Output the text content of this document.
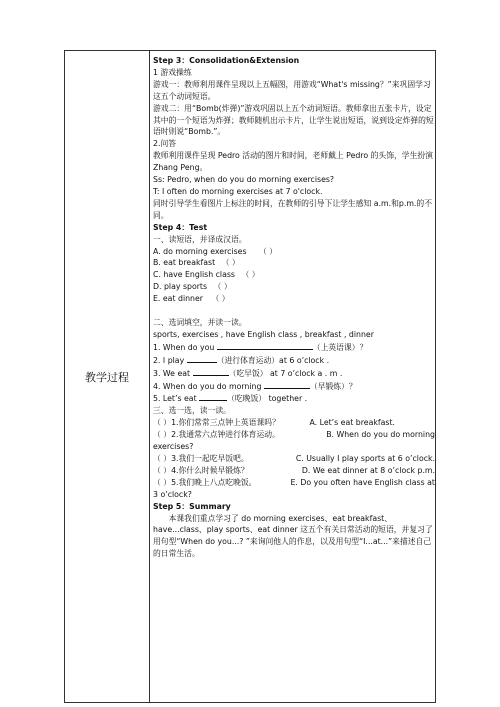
教学过程
Step 3：Consolidation&Extension
1 游戏操练
游戏一：教师利用课件呈现以上五幅图，用游戏“What's missing？”来巩固学习这五个动词短语。
游戏二：用“Bomb(炸弹)”游戏巩固以上五个动词短语。教师拿出五张卡片，设定其中的一个短语为炸弹；教师随机出示卡片，让学生说出短语，说到设定炸弹的短语时则说“Bomb.”。
2.问答
教师利用课件呈现 Pedro 活动的图片和时间，老师戴上 Pedro 的头饰，学生扮演 Zhang Peng。
Ss: Pedro, when do you do morning exercises?
T: I often do morning exercises at 7 o'clock.
同时引导学生看图片上标注的时间，在教师的引导下让学生感知 a.m.和p.m.的不同。
Step 4：Test
一、读短语，并译成汉语。
A. do morning exercises （ ）
B. eat breakfast （ ）
C. have English class （ ）
D. play sports （ ）
E. eat dinner （ ）
二、选词填空，并读一读。
sports, exercises , have English class , breakfast , dinner
1. When do you	（上英语课）？
2. I play	（进行体育运动）at 6 o’clock .
3. We eat	（吃早饭） at 7 o’clock a . m .
4. When do you do morning	（早锻炼）？
5. Let’s eat	（吃晚饭） together .
三、选一选，读一读。
（ ）1.你们常常三点钟上英语课吗？	A. Let’s eat breakfast.
（ ）2.我通常六点钟进行体育运动。	B. When do you do morning
exercises?
（ ）3.我们一起吃早饭吧。	C. Usually I play sports at 6 o’clock.
（ ）4.你什么时候早锻炼？	D. We eat dinner at 8 o’clock p.m.
（ ）5.我们晚上八点吃晚饭。	E. Do you often have English class at
3 o’clock?
Step 5：Summary
本课我们重点学习了 do morning exercises、eat breakfast、have...class、play sports、eat dinner 这五个有关日常活动的短语，并复习了用句型“When do you...? ”来询问他人的作息，以及用句型“I...at...”来描述自己的日常生活。
